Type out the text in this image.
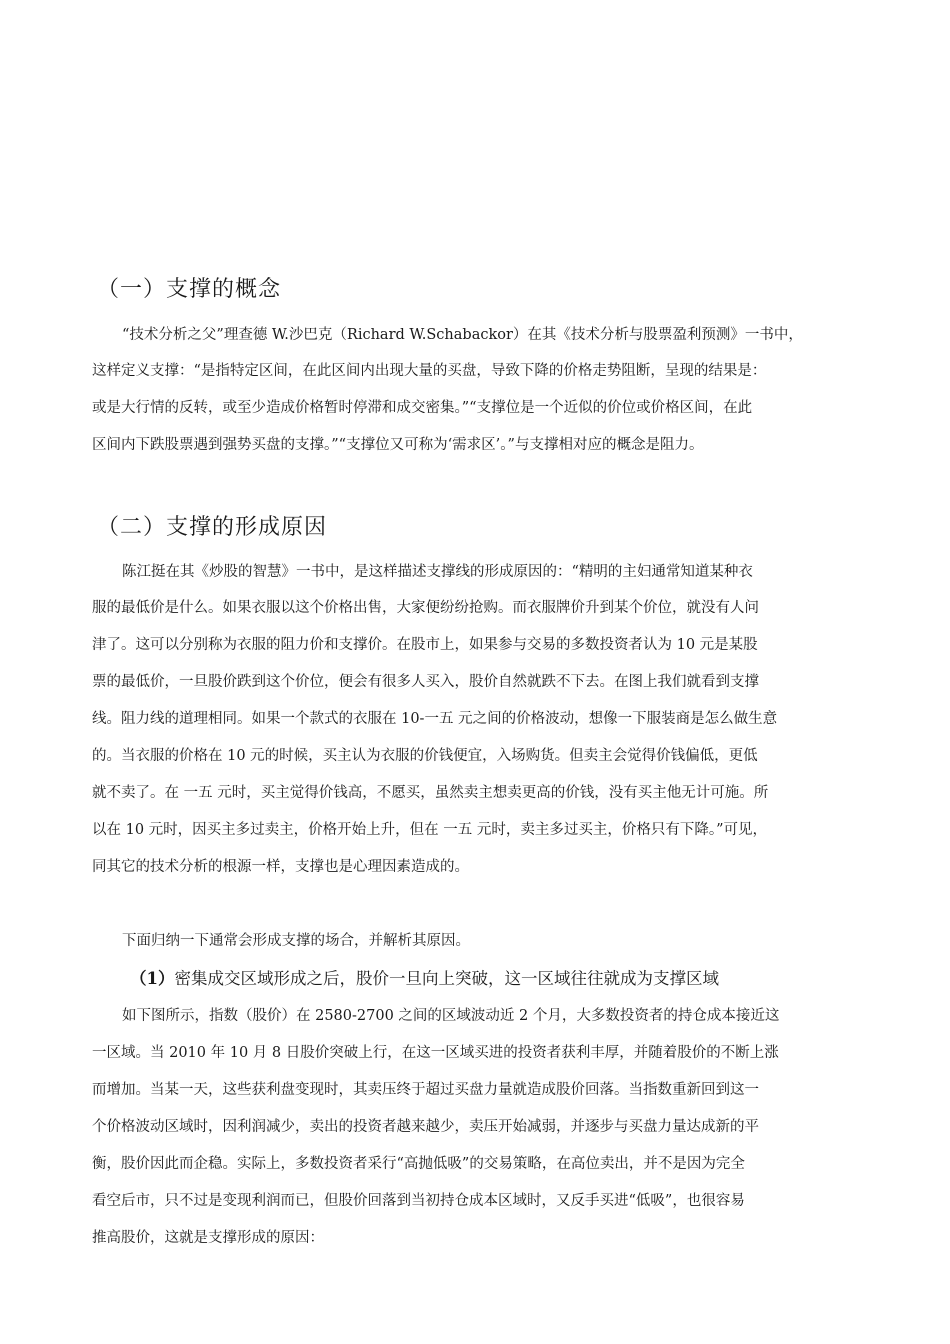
（一）支撑的概念
“技术分析之父”理查德 W.沙巴克（Richard W.Schabackor）在其《技术分析与股票盈利预测》一书中，
这样定义支撑：“是指特定区间，在此区间内出现大量的买盘，导致下降的价格走势阻断，呈现的结果是：
或是大行情的反转，或至少造成价格暂时停滞和成交密集。”“支撑位是一个近似的价位或价格区间，在此
区间内下跌股票遇到强势买盘的支撑。”“支撑位又可称为‘需求区’。”与支撑相对应的概念是阻力。
（二）支撑的形成原因
陈江挺在其《炒股的智慧》一书中，是这样描述支撑线的形成原因的：“精明的主妇通常知道某种衣
服的最低价是什么。如果衣服以这个价格出售，大家便纷纷抢购。而衣服牌价升到某个价位，就没有人问
津了。这可以分别称为衣服的阻力价和支撑价。在股市上，如果参与交易的多数投资者认为 10 元是某股
票的最低价，一旦股价跌到这个价位，便会有很多人买入，股价自然就跌不下去。在图上我们就看到支撑
线。阻力线的道理相同。如果一个款式的衣服在 10-一五 元之间的价格波动，想像一下服装商是怎么做生意
的。当衣服的价格在 10 元的时候，买主认为衣服的价钱便宜，入场购货。但卖主会觉得价钱偏低，更低
就不卖了。在 一五 元时，买主觉得价钱高，不愿买，虽然卖主想卖更高的价钱，没有买主他无计可施。所
以在 10 元时，因买主多过卖主，价格开始上升，但在 一五 元时，卖主多过买主，价格只有下降。”可见，
同其它的技术分析的根源一样，支撑也是心理因素造成的。
下面归纳一下通常会形成支撑的场合，并解析其原因。
（1）密集成交区域形成之后，股价一旦向上突破，这一区域往往就成为支撑区域
如下图所示，指数（股价）在 2580-2700 之间的区域波动近 2 个月，大多数投资者的持仓成本接近这
一区域。当 2010 年 10 月 8 日股价突破上行，在这一区域买进的投资者获利丰厚，并随着股价的不断上涨
而增加。当某一天，这些获利盘变现时，其卖压终于超过买盘力量就造成股价回落。当指数重新回到这一
个价格波动区域时，因利润减少，卖出的投资者越来越少，卖压开始减弱，并逐步与买盘力量达成新的平
衡，股价因此而企稳。实际上，多数投资者采行“高抛低吸”的交易策略，在高位卖出，并不是因为完全
看空后市，只不过是变现利润而已，但股价回落到当初持仓成本区域时，又反手买进“低吸”，也很容易
推高股价，这就是支撑形成的原因：
